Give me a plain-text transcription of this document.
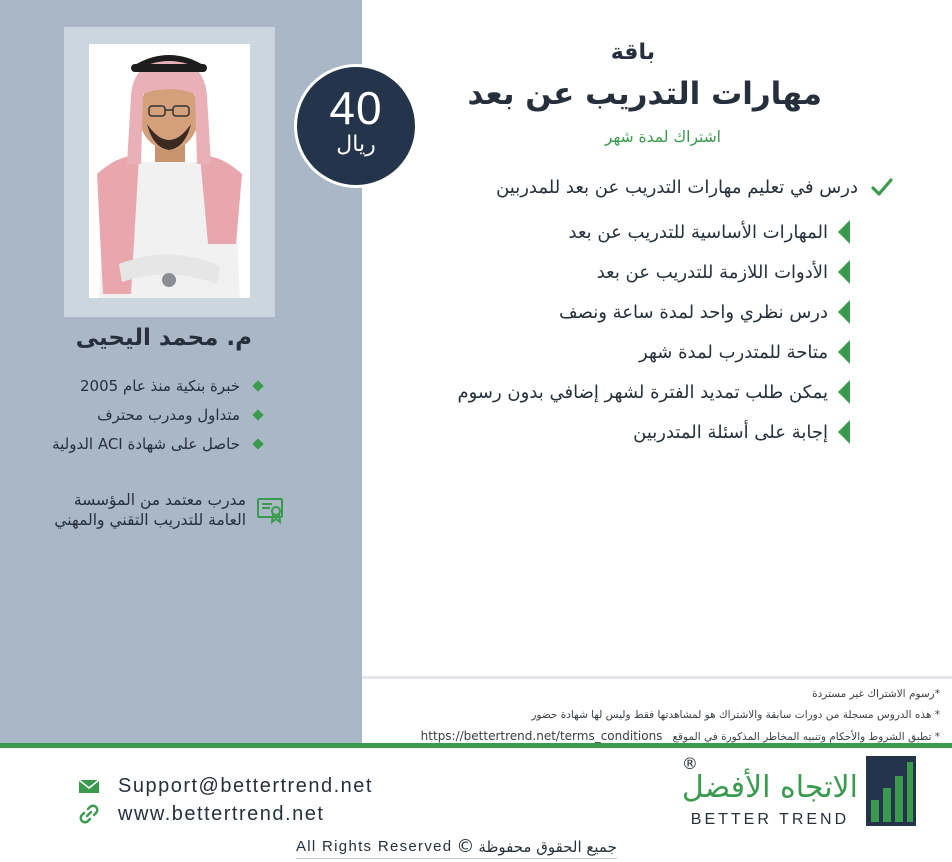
م. محمد اليحيى
خبرة بنكية منذ عام 2005
متداول ومدرب محترف
حاصل على شهادة ACI الدولية
مدرب معتمد من المؤسسة
العامة للتدريب التقني والمهني
40
ريال
باقة
مهارات التدريب عن بعد
اشتراك لمدة شهر
درس في تعليم مهارات التدريب عن بعد للمدربين
المهارات الأساسية للتدريب عن بعد
الأدوات اللازمة للتدريب عن بعد
درس نظري واحد لمدة ساعة ونصف
متاحة للمتدرب لمدة شهر
يمكن طلب تمديد الفترة لشهر إضافي بدون رسوم
إجابة على أسئلة المتدربين
*رسوم الاشتراك غير مستردة
* هذه الدروس مسجلة من دورات سابقة والاشتراك هو لمشاهدتها فقط وليس لها شهادة حضور
* تطبق الشروط والأحكام وتنبيه المخاطر المذكورة في الموقعhttps://bettertrend.net/terms_conditions
Support@bettertrend.net
www.bettertrend.net
®
الاتجاه الأفضل
BETTER TREND
All Rights Reserved © جميع الحقوق محفوظة
